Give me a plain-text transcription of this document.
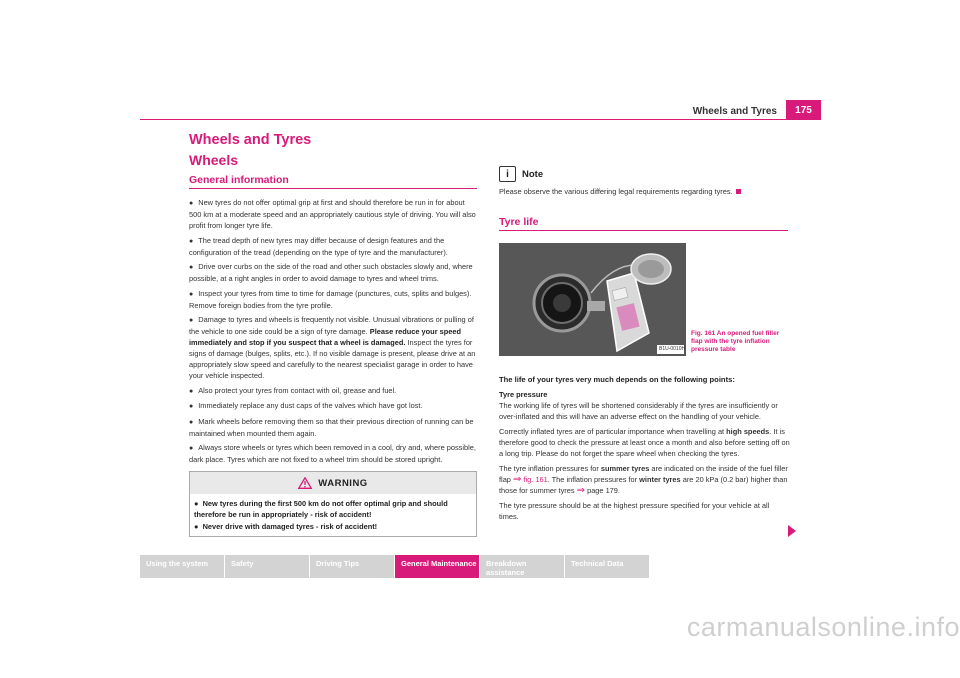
Wheels and Tyres	175
Wheels and Tyres
Wheels
General information

● New tyres do not offer optimal grip at first and should therefore be run in for about 500 km at a moderate speed and an appropriately cautious style of driving. You will also profit from longer tyre life.

● The tread depth of new tyres may differ because of design features and the configuration of the tread (depending on the type of tyre and the manufacturer).

● Drive over curbs on the side of the road and other such obstacles slowly and, where possible, at a right angles in order to avoid damage to tyres and wheel trims.

● Inspect your tyres from time to time for damage (punctures, cuts, splits and bulges). Remove foreign bodies from the tyre profile.

● Damage to tyres and wheels is frequently not visible. Unusual vibrations or pulling of the vehicle to one side could be a sign of tyre damage. Please reduce your speed immediately and stop if you suspect that a wheel is damaged. Inspect the tyres for signs of damage (bulges, splits, etc.). If no visible damage is present, please drive at an appropriately slow speed and carefully to the nearest specialist garage in order to have your vehicle inspected.

● Also protect your tyres from contact with oil, grease and fuel.

● Immediately replace any dust caps of the valves which have got lost.

● Mark wheels before removing them so that their previous direction of running can be maintained when mounted them again.

● Always store wheels or tyres which been removed in a cool, dry and, where possible, dark place. Tyres which are not fixed to a wheel trim should be stored upright.

WARNING

●  New tyres during the first 500 km do not offer optimal grip and should therefore be run in appropriately - risk of accident!

●  Never drive with damaged tyres - risk of accident!

i	Note

Please observe the various differing legal requirements regarding tyres.

Tyre life
B1U-0010H
Fig. 161 An opened fuel filler flap with the tyre inflation pressure table

The life of your tyres very much depends on the following points:

Tyre pressure

The working life of tyres will be shortened considerably if the tyres are insufficiently or over-inflated and this will have an adverse effect on the handling of your vehicle.

Correctly inflated tyres are of particular importance when travelling at high speeds. It is therefore good to check the pressure at least once a month and also before setting off on a long trip. Please do not forget the spare wheel when checking the tyres.

The tyre inflation pressures for summer tyres are indicated on the inside of the fuel filler flap ⇒ fig. 161. The inflation pressures for winter tyres are 20 kPa (0.2 bar) higher than those for summer tyres ⇒ page 179.

The tyre pressure should be at the highest pressure specified for your vehicle at all times.

Using the system	Safety	Driving Tips	General Maintenance	Breakdown assistance
Technical Data
carmanualsonline.info
